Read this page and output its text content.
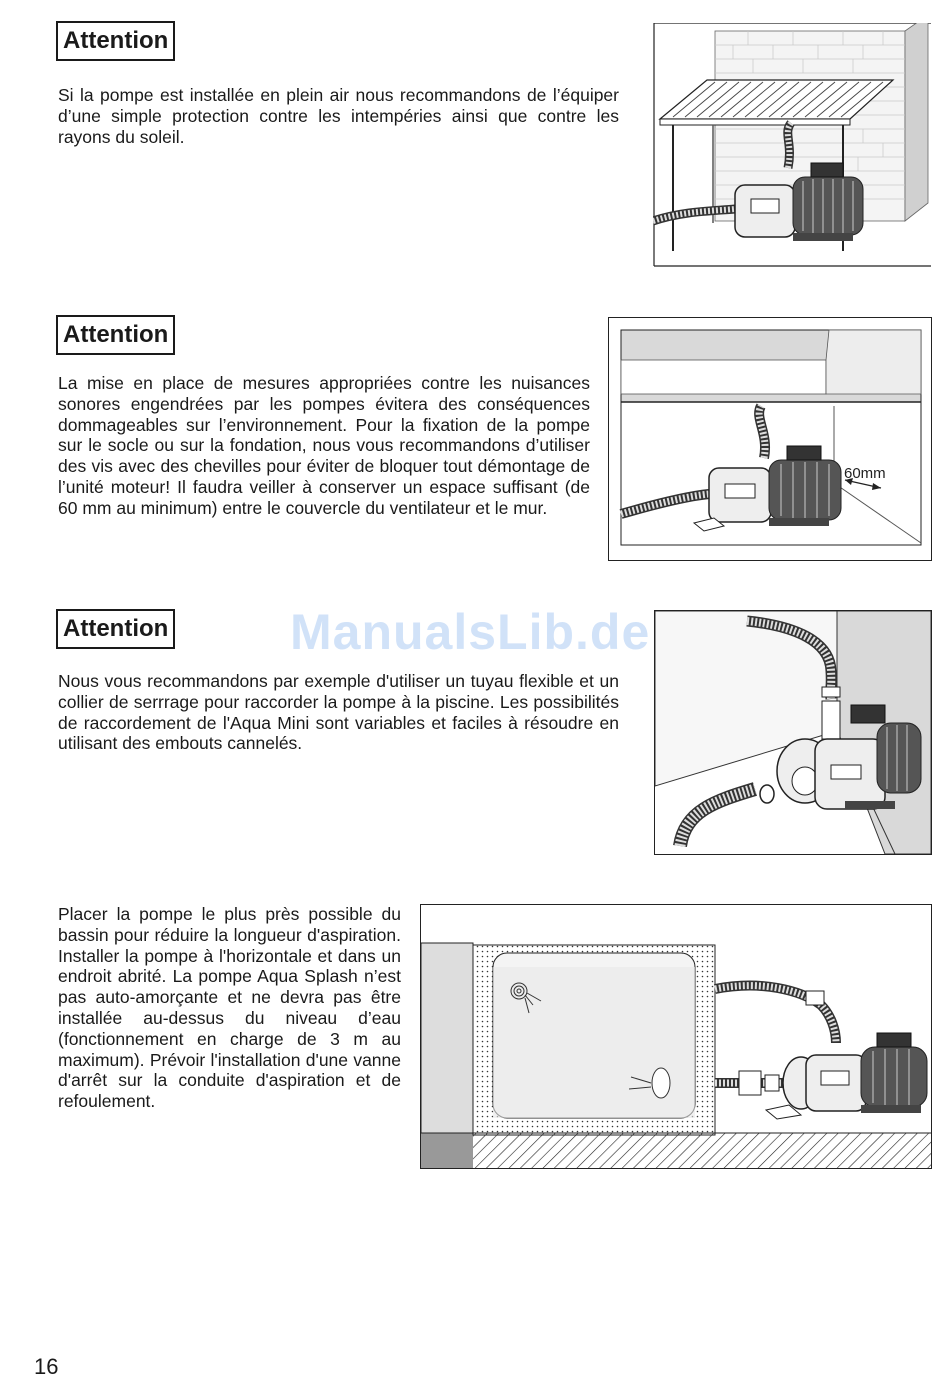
Attention

Si la pompe est installée en plein air nous recommandons de l’équiper d’une simple protection contre les intempéries ainsi que contre les rayons du soleil.

Attention

La mise en place de mesures appropriées contre les nuisances sonores engendrées par les pompes évitera des conséquences dommageables sur l’environnement. Pour la fixation de la pompe sur le socle ou sur la fondation, nous vous recommandons d’utiliser des vis avec des chevilles pour éviter de bloquer tout démontage de l’unité moteur! Il faudra veiller à conserver un espace suffisant (de 60 mm au minimum) entre le couvercle du ventilateur et le mur.

60mm
Attention

Nous vous recommandons par exemple d'utiliser un tuyau flexible et un collier de serrrage pour raccorder la pompe à la piscine. Les possibilités de raccordement de l'Aqua Mini sont variables et faciles à résoudre en utilisant des embouts cannelés.

ManualsLib.de

Placer la pompe le plus près possible du bassin pour réduire la longueur d'aspiration. Installer la pompe à l'horizontale et dans un endroit abrité. La pompe Aqua Splash n’est pas auto-amorçante et ne devra pas être installée au-dessus du niveau d’eau (fonctionnement en charge de 3 m au maximum). Prévoir l'installation d'une vanne d'arrêt sur la conduite d'aspiration et de refoulement.

16
